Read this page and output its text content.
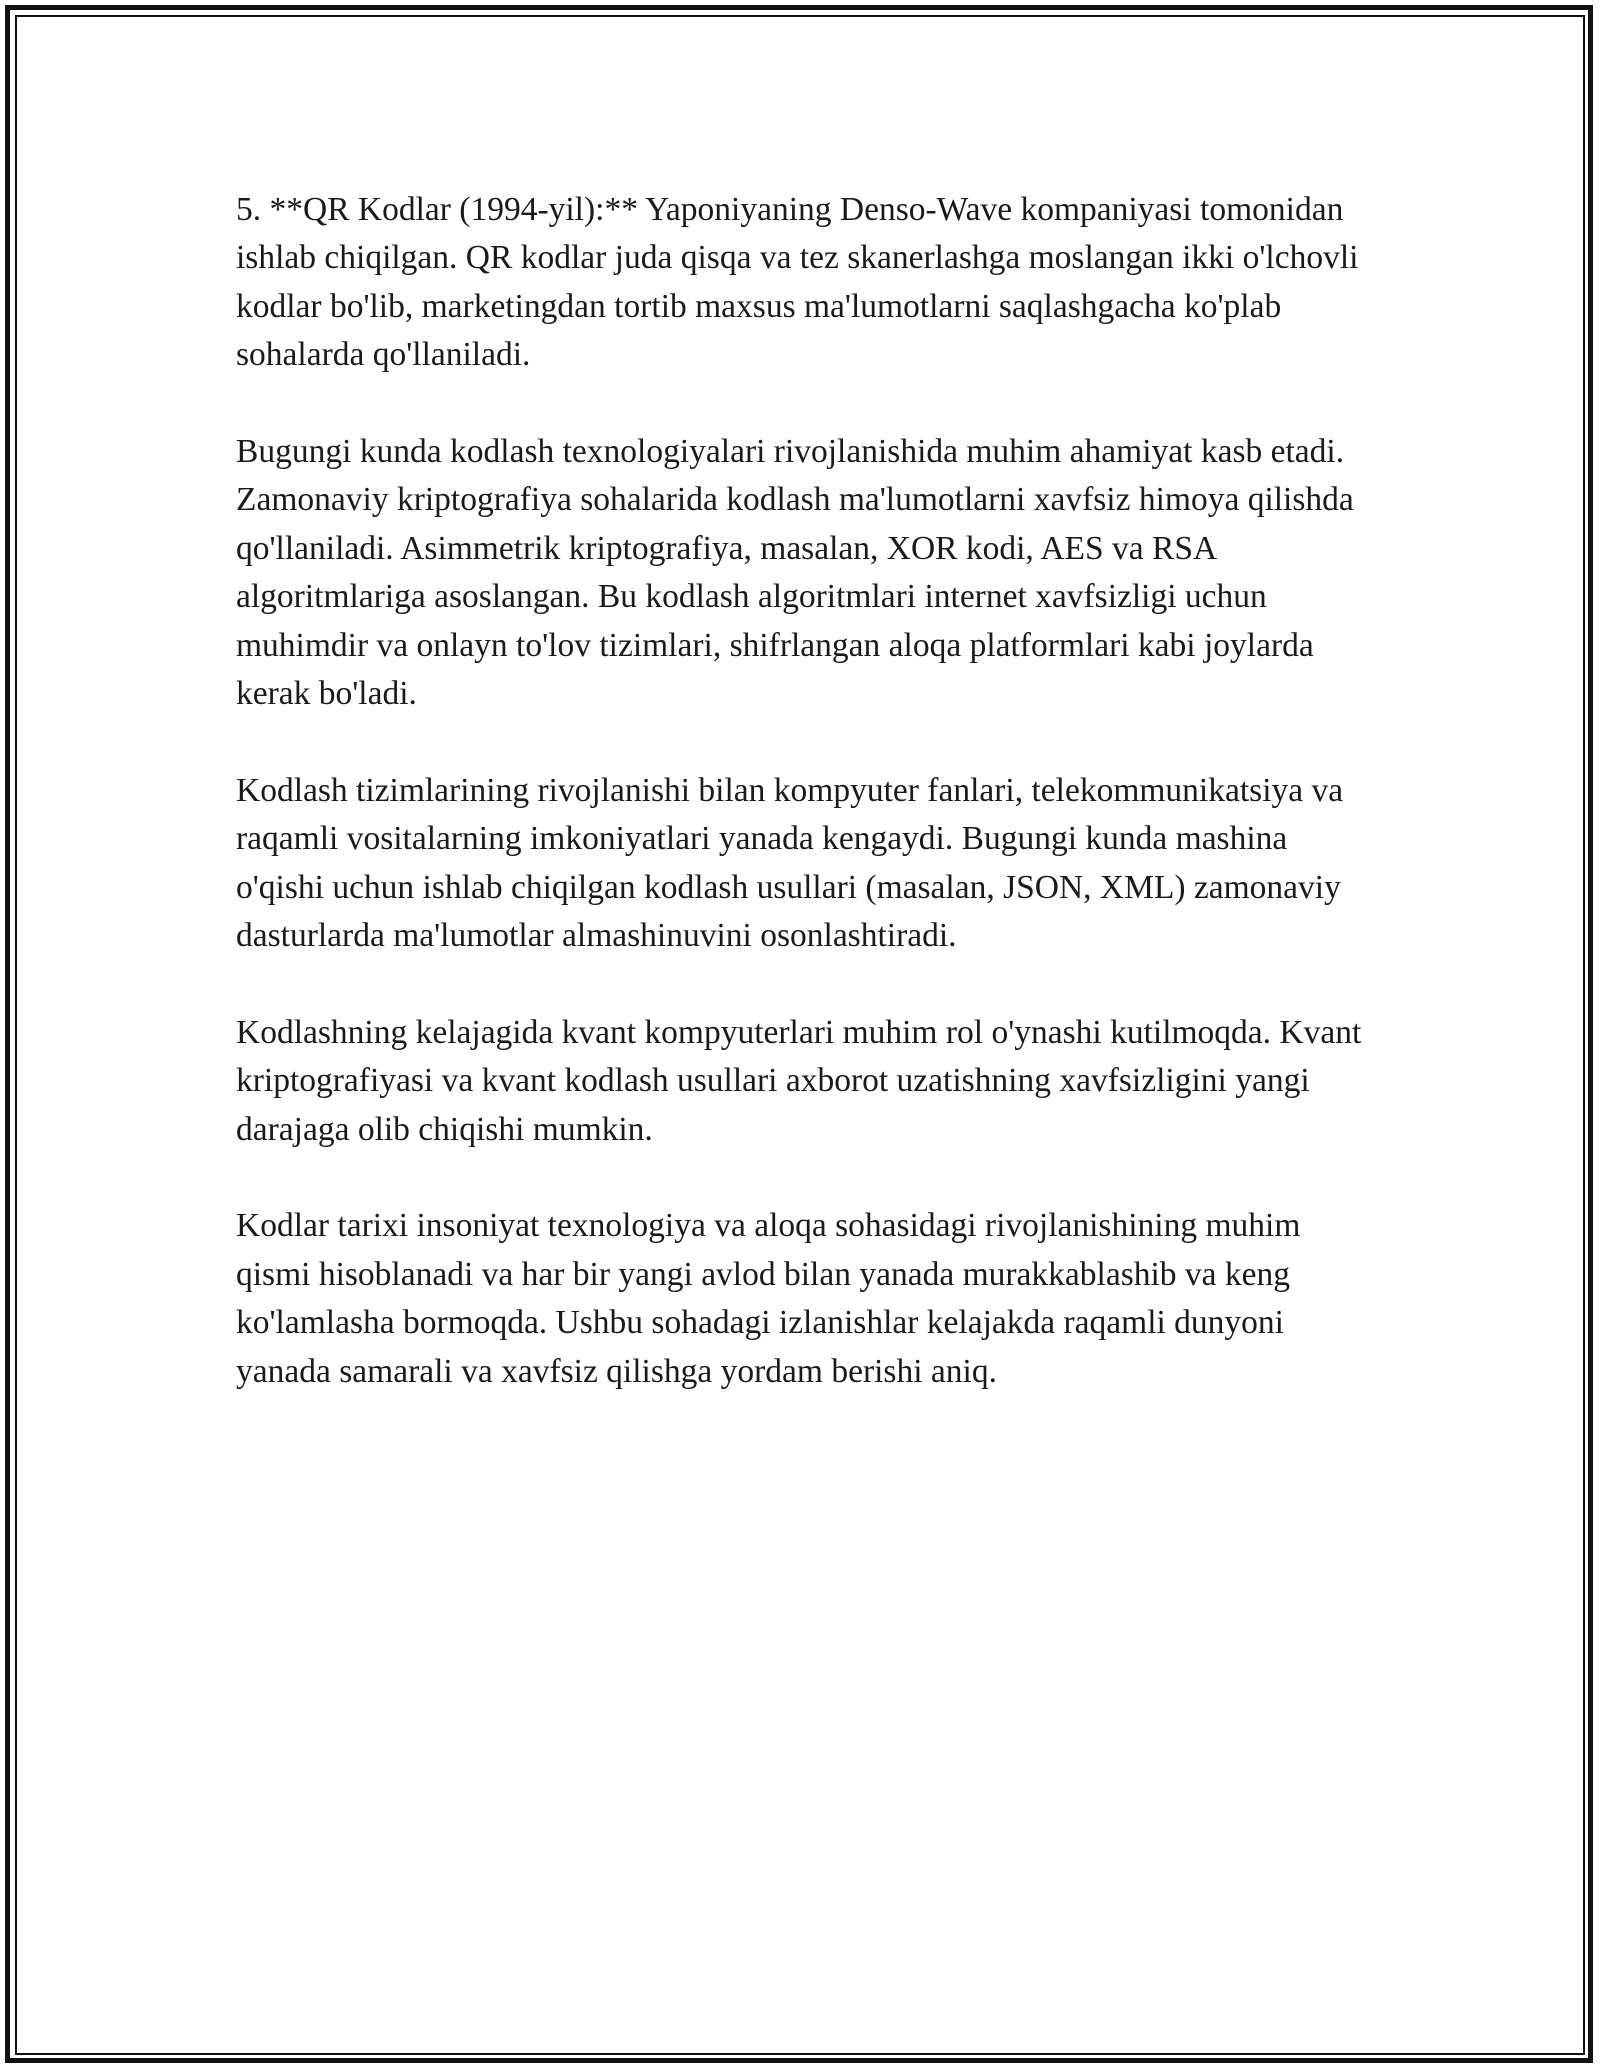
5. **QR Kodlar (1994-yil):** Yaponiyaning Denso-Wave kompaniyasi tomonidan ishlab chiqilgan. QR kodlar juda qisqa va tez skanerlashga moslangan ikki o'lchovli kodlar bo'lib, marketingdan tortib maxsus ma'lumotlarni saqlashgacha ko'plab sohalarda qo'llaniladi.

Bugungi kunda kodlash texnologiyalari rivojlanishida muhim ahamiyat kasb etadi. Zamonaviy kriptografiya sohalarida kodlash ma'lumotlarni xavfsiz himoya qilishda qo'llaniladi. Asimmetrik kriptografiya, masalan, XOR kodi, AES va RSA algoritmlariga asoslangan. Bu kodlash algoritmlari internet xavfsizligi uchun muhimdir va onlayn to'lov tizimlari, shifrlangan aloqa platformlari kabi joylarda kerak bo'ladi.

Kodlash tizimlarining rivojlanishi bilan kompyuter fanlari, telekommunikatsiya va raqamli vositalarning imkoniyatlari yanada kengaydi. Bugungi kunda mashina o'qishi uchun ishlab chiqilgan kodlash usullari (masalan, JSON, XML) zamonaviy dasturlarda ma'lumotlar almashinuvini osonlashtiradi.

Kodlashning kelajagida kvant kompyuterlari muhim rol o'ynashi kutilmoqda. Kvant kriptografiyasi va kvant kodlash usullari axborot uzatishning xavfsizligini yangi darajaga olib chiqishi mumkin.

Kodlar tarixi insoniyat texnologiya va aloqa sohasidagi rivojlanishining muhim qismi hisoblanadi va har bir yangi avlod bilan yanada murakkablashib va keng ko'lamlasha bormoqda. Ushbu sohadagi izlanishlar kelajakda raqamli dunyoni yanada samarali va xavfsiz qilishga yordam berishi aniq.
